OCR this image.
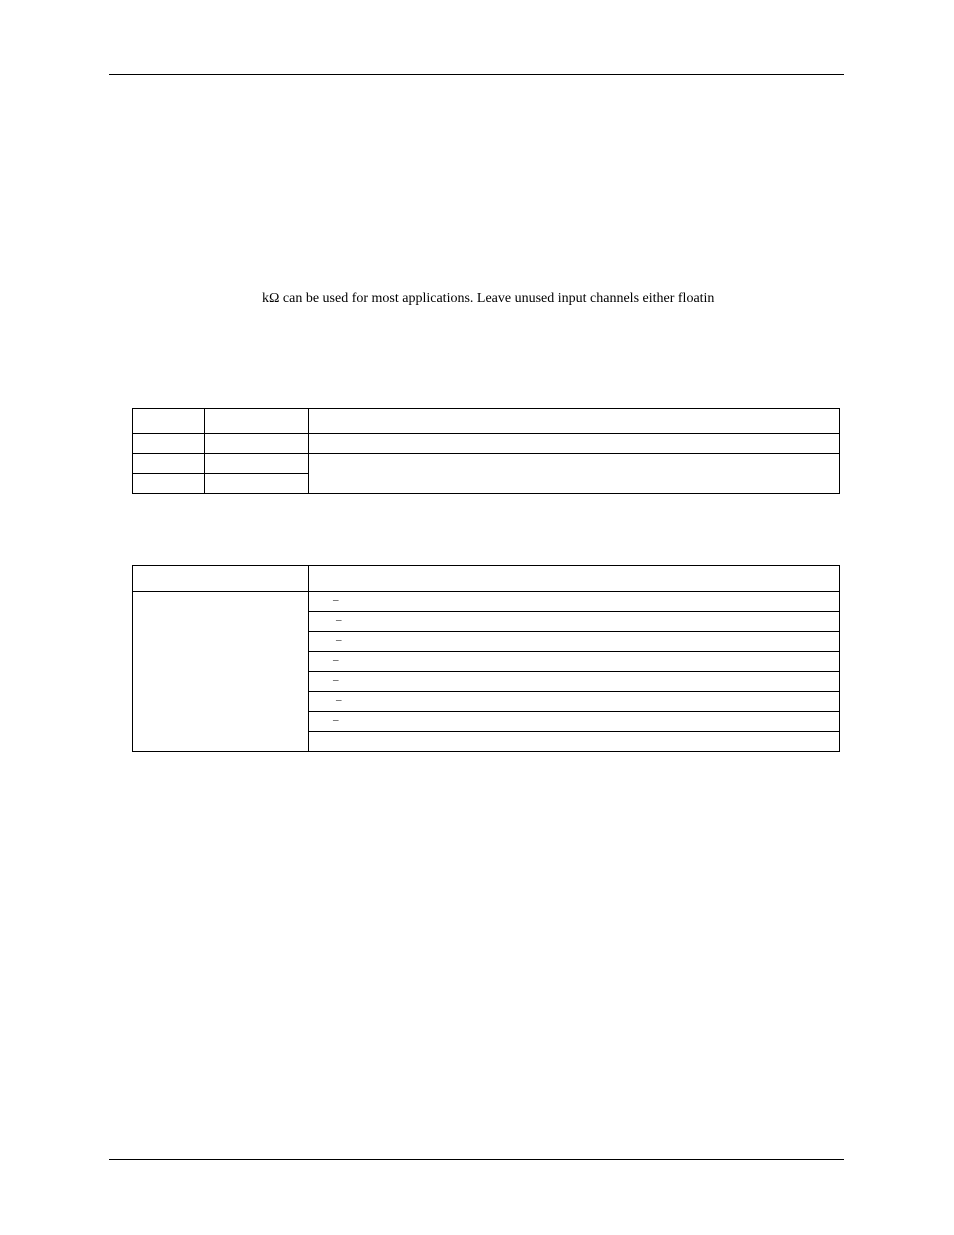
kΩ can be used for most applications. Leave unused input channels either floatin

	–
	–
	–
	–
	–
	–
	–
